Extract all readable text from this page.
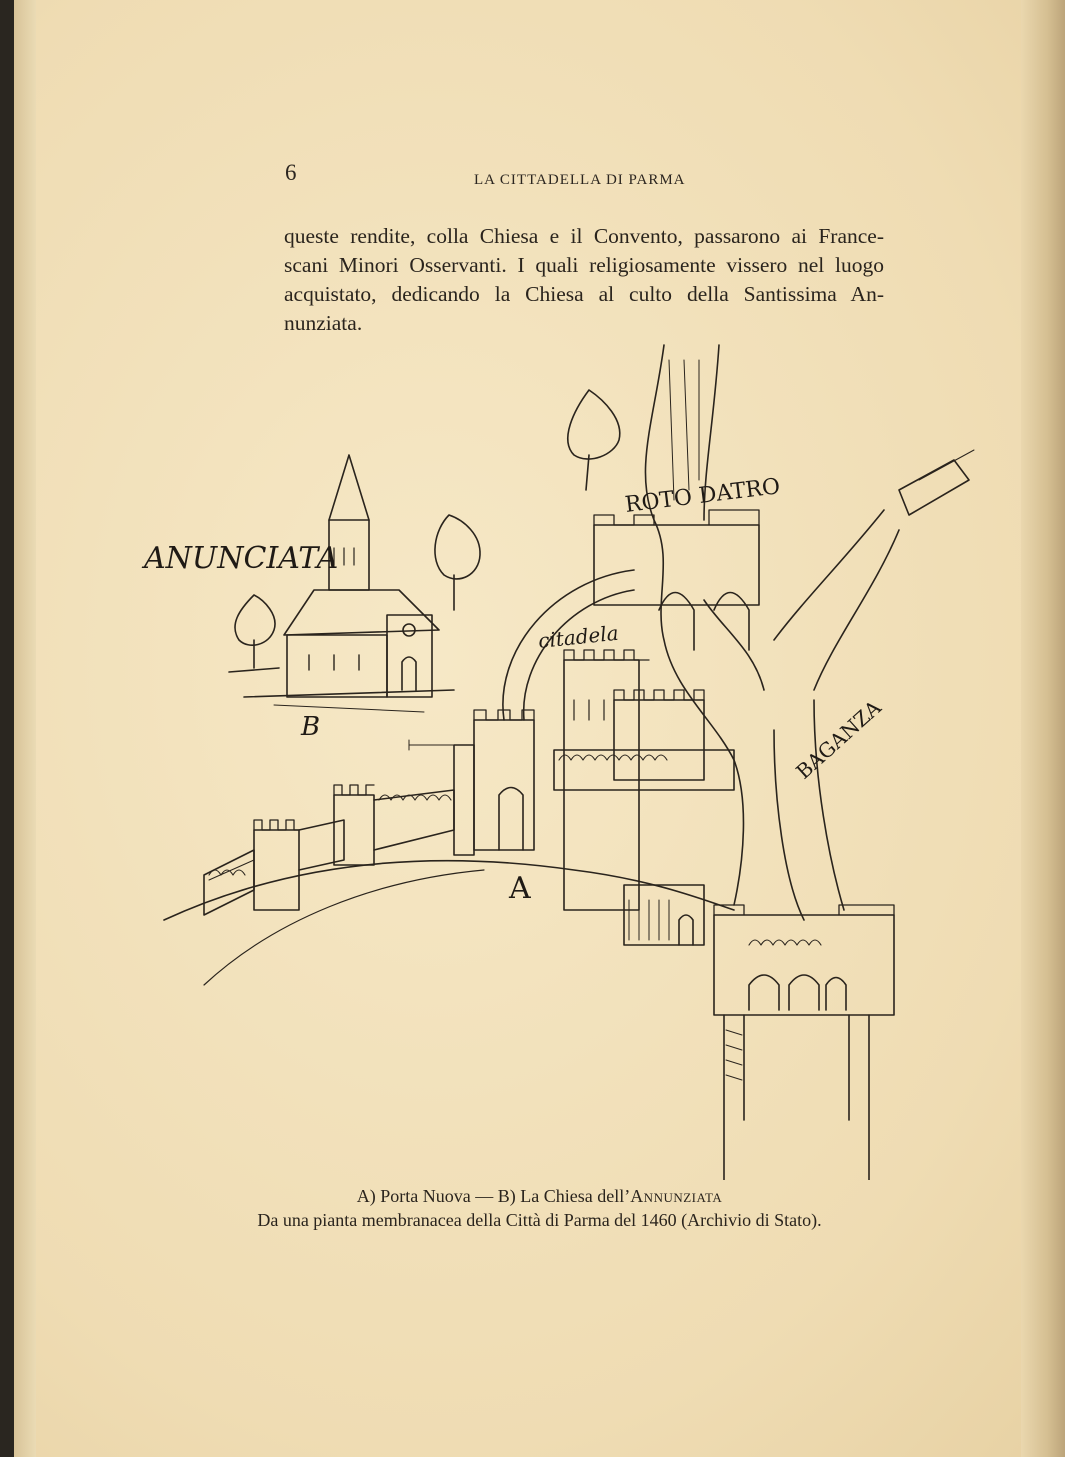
6	LA CITTADELLA DI PARMA
queste rendite, colla Chiesa e il Convento, passarono ai France-
scani Minori Osservanti. I quali religiosamente vissero nel luogo
acquistato, dedicando la Chiesa al culto della Santissima An-
nunziata.
ANUNCIATA
ROTO DATRO
citadela
BAGANZA
A
B
A) Porta Nuova — B) La Chiesa dell’Annunziata
Da una pianta membranacea della Città di Parma del 1460 (Archivio di Stato).
